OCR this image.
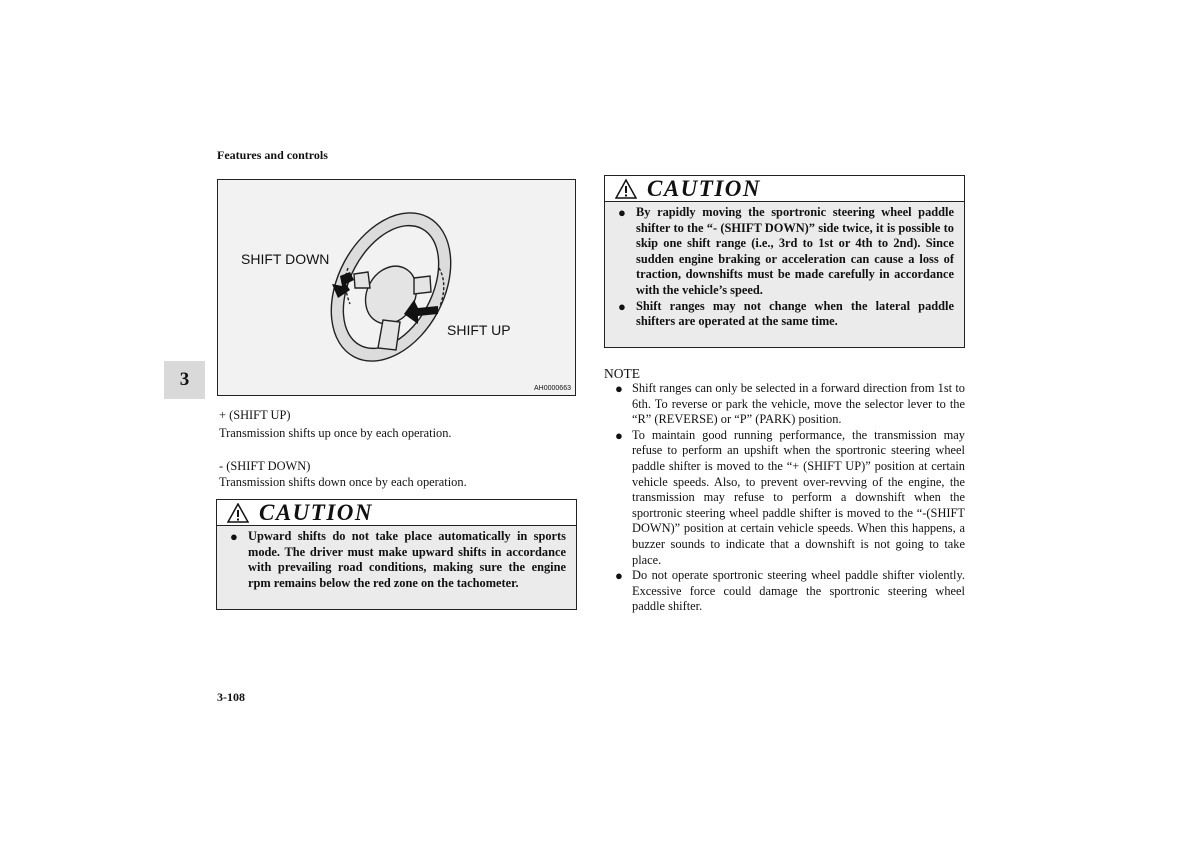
Features and controls
3
SHIFT DOWN
SHIFT UP
AH0000663
+ (SHIFT UP)
Transmission shifts up once by each operation.
- (SHIFT DOWN)
Transmission shifts down once by each operation.
CAUTION
● Upward shifts do not take place automatically in sports mode. The driver must make upward shifts in accordance with prevailing road conditions, making sure the engine rpm remains below the red zone on the tachometer.
CAUTION
● By rapidly moving the sportronic steering wheel paddle shifter to the “- (SHIFT DOWN)” side twice, it is possible to skip one shift range (i.e., 3rd to 1st or 4th to 2nd). Since sudden engine braking or acceleration can cause a loss of traction, downshifts must be made carefully in accordance with the vehicle’s speed.
● Shift ranges may not change when the lateral paddle shifters are operated at the same time.
NOTE
● Shift ranges can only be selected in a forward direction from 1st to 6th. To reverse or park the vehicle, move the selector lever to the “R” (REVERSE) or “P” (PARK) position.
● To maintain good running performance, the transmission may refuse to perform an upshift when the sportronic steering wheel paddle shifter is moved to the “+ (SHIFT UP)” position at certain vehicle speeds. Also, to prevent over-revving of the engine, the transmission may refuse to perform a downshift when the sportronic steering wheel paddle shifter is moved to the “-(SHIFT DOWN)” position at certain vehicle speeds. When this happens, a buzzer sounds to indicate that a downshift is not going to take place.
● Do not operate sportronic steering wheel paddle shifter violently. Excessive force could damage the sportronic steering wheel paddle shifter.
3-108
